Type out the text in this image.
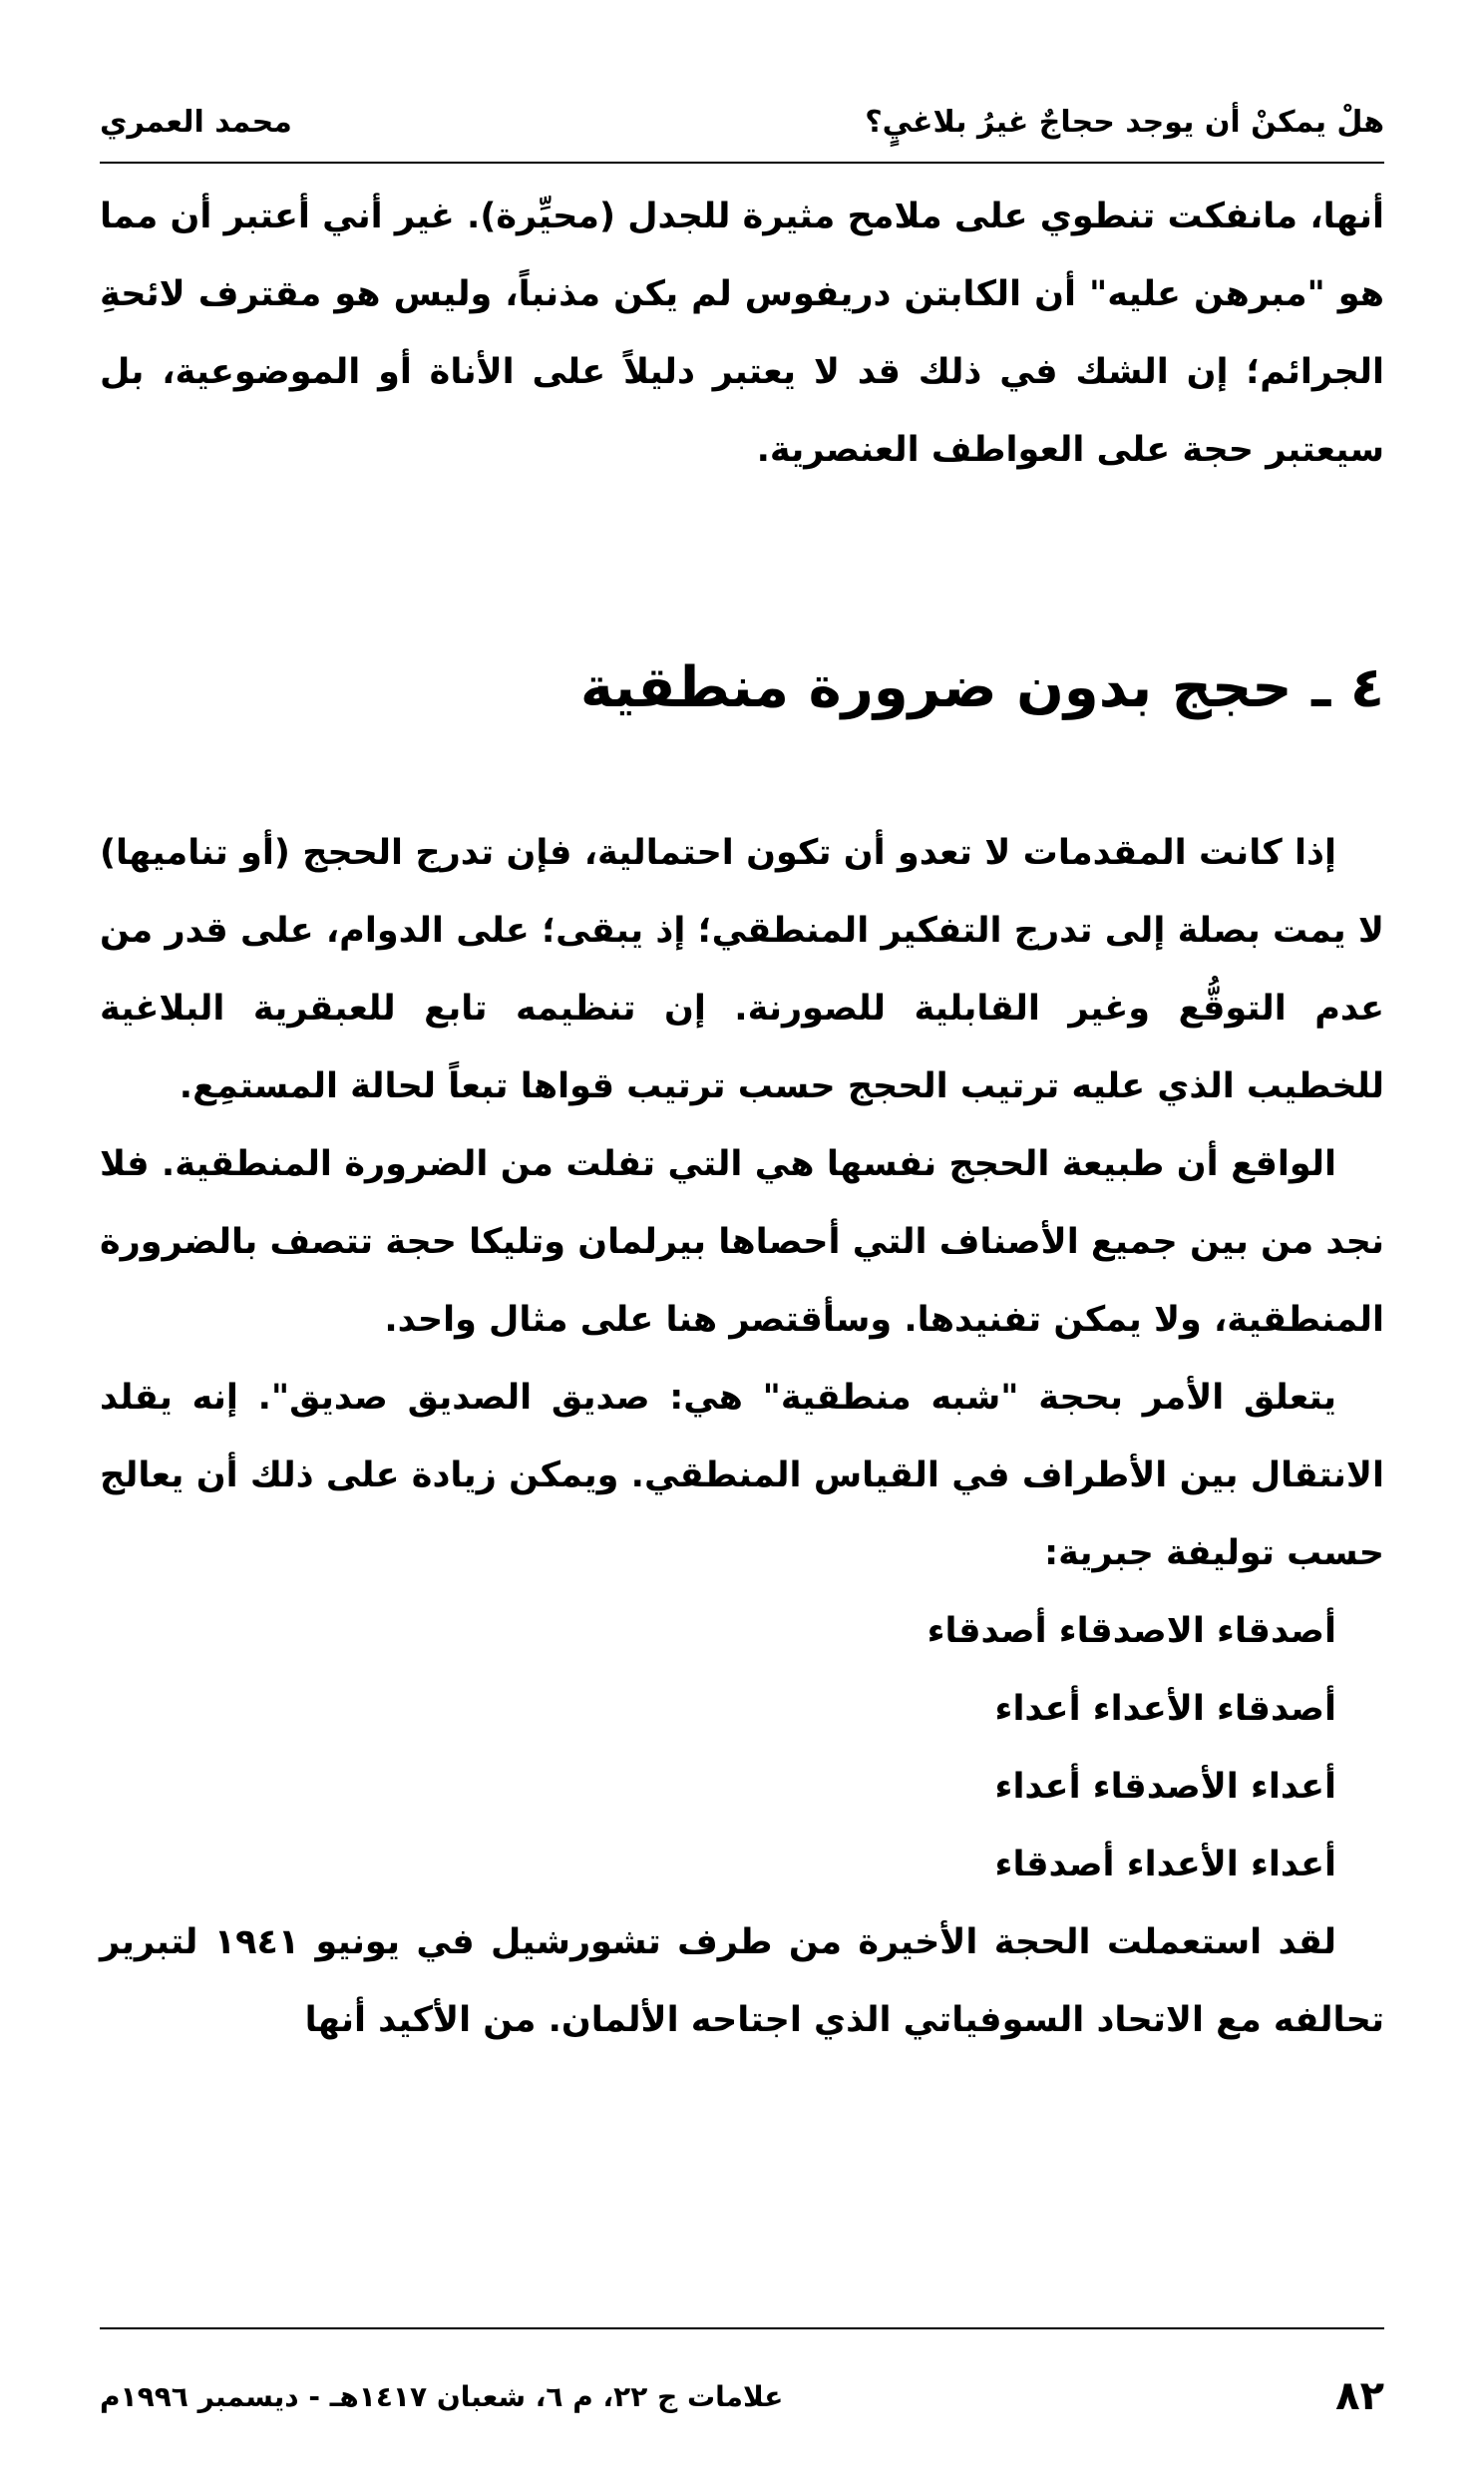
هلْ يمكنْ أن يوجد حجاجٌ غيرُ بلاغيٍ؟
محمد العمري

أنها، مانفكت تنطوي على ملامح مثيرة للجدل (محيِّرة). غير أني أعتبر أن مما هو "مبرهن عليه" أن الكابتن دريفوس لم يكن مذنباً، وليس هو مقترف لائحةِ الجرائم؛ إن الشك في ذلك قد لا يعتبر دليلاً على الأناة أو الموضوعية، بل سيعتبر حجة على العواطف العنصرية.

٤ ـ حجج بدون ضرورة منطقية

إذا كانت المقدمات لا تعدو أن تكون احتمالية، فإن تدرج الحجج (أو تناميها) لا يمت بصلة إلى تدرج التفكير المنطقي؛ إذ يبقى؛ على الدوام، على قدر من عدم التوقُّع وغير القابلية للصورنة. إن تنظيمه تابع للعبقرية البلاغية للخطيب الذي عليه ترتيب الحجج حسب ترتيب قواها تبعاً لحالة المستمِع.

الواقع أن طبيعة الحجج نفسها هي التي تفلت من الضرورة المنطقية. فلا نجد من بين جميع الأصناف التي أحصاها بيرلمان وتليكا حجة تتصف بالضرورة المنطقية، ولا يمكن تفنيدها. وسأقتصر هنا على مثال واحد.

يتعلق الأمر بحجة "شبه منطقية" هي: صديق الصديق صديق". إنه يقلد الانتقال بين الأطراف في القياس المنطقي. ويمكن زيادة على ذلك أن يعالج حسب توليفة جبرية:

أصدقاء الاصدقاء أصدقاء
أصدقاء الأعداء أعداء
أعداء الأصدقاء أعداء
أعداء الأعداء أصدقاء

لقد استعملت الحجة الأخيرة من طرف تشورشيل في يونيو ١٩٤١ لتبرير تحالفه مع الاتحاد السوفياتي الذي اجتاحه الألمان. من الأكيد أنها

٨٢
علامات ج ٢٢، م ٦، شعبان ١٤١٧هـ - ديسمبر ١٩٩٦م
